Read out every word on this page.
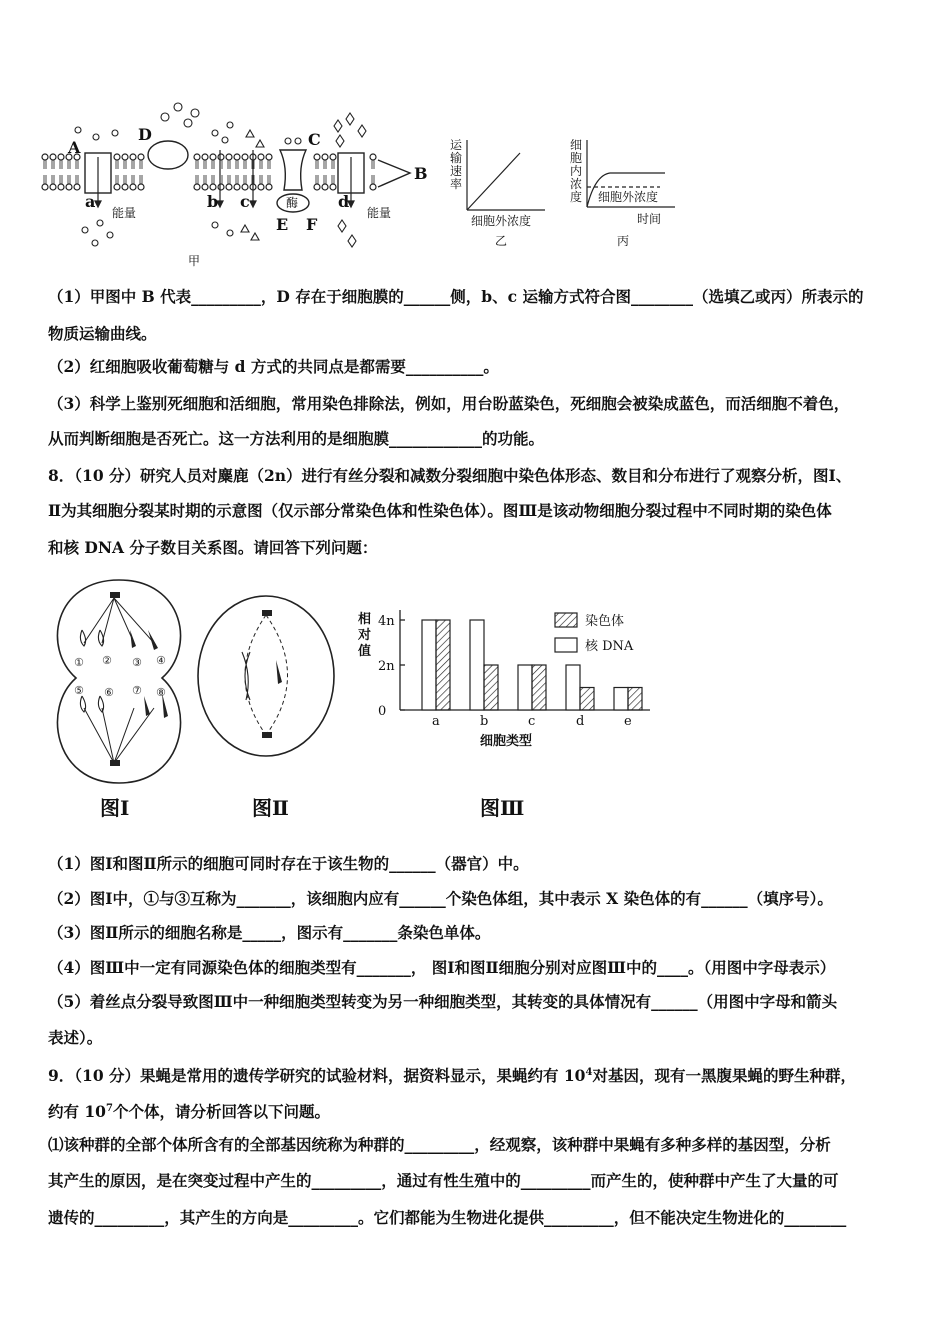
A
B
C
D
a	b c	d
E F
能量	能量
酶
甲
运输速率
细胞外浓度
乙
细胞内浓度 细胞外浓度
时间
丙
（1）甲图中 B 代表_________，D 存在于细胞膜的______侧，b、c 运输方式符合图________（选填乙或丙）所表示的
物质运输曲线。
（2）红细胞吸收葡萄糖与 d 方式的共同点是都需要__________。
（3）科学上鉴别死细胞和活细胞，常用染色排除法，例如，用台盼蓝染色，死细胞会被染成蓝色，而活细胞不着色，
从而判断细胞是否死亡。这一方法利用的是细胞膜____________的功能。
8．（10 分）研究人员对麋鹿（2n）进行有丝分裂和减数分裂细胞中染色体形态、数目和分布进行了观察分析，图Ⅰ、
Ⅱ为其细胞分裂某时期的示意图（仅示部分常染色体和性染色体）。图Ⅲ是该动物细胞分裂过程中不同时期的染色体
和核 DNA 分子数目关系图。请回答下列问题：
① ② ③ ④
⑤ ⑥ ⑦ ⑧
图Ⅰ	图Ⅱ
0
2n
4n
相
对
值
a	b	c	d	e
细胞类型
染色体
核 DNA
图Ⅲ
（1）图Ⅰ和图Ⅱ所示的细胞可同时存在于该生物的______（器官）中。
（2）图Ⅰ中，①与③互称为_______，该细胞内应有______个染色体组，其中表示 X 染色体的有______（填序号）。
（3）图Ⅱ所示的细胞名称是_____，图示有_______条染色单体。
（4）图Ⅲ中一定有同源染色体的细胞类型有_______， 图Ⅰ和图Ⅱ细胞分别对应图Ⅲ中的____。（用图中字母表示）
（5）着丝点分裂导致图Ⅲ中一种细胞类型转变为另一种细胞类型，其转变的具体情况有______（用图中字母和箭头
表述）。
9．（10 分）果蝇是常用的遗传学研究的试验材料，据资料显示，果蝇约有 $10^4$对基因，现有一黑腹果蝇的野生种群，
约有 $10^7$个个体，请分析回答以下问题。
⑴该种群的全部个体所含有的全部基因统称为种群的_________，经观察，该种群中果蝇有多种多样的基因型，分析
其产生的原因，是在突变过程中产生的_________，通过有性生殖中的_________而产生的，使种群中产生了大量的可
遗传的_________，其产生的方向是_________。它们都能为生物进化提供_________，但不能决定生物进化的________
